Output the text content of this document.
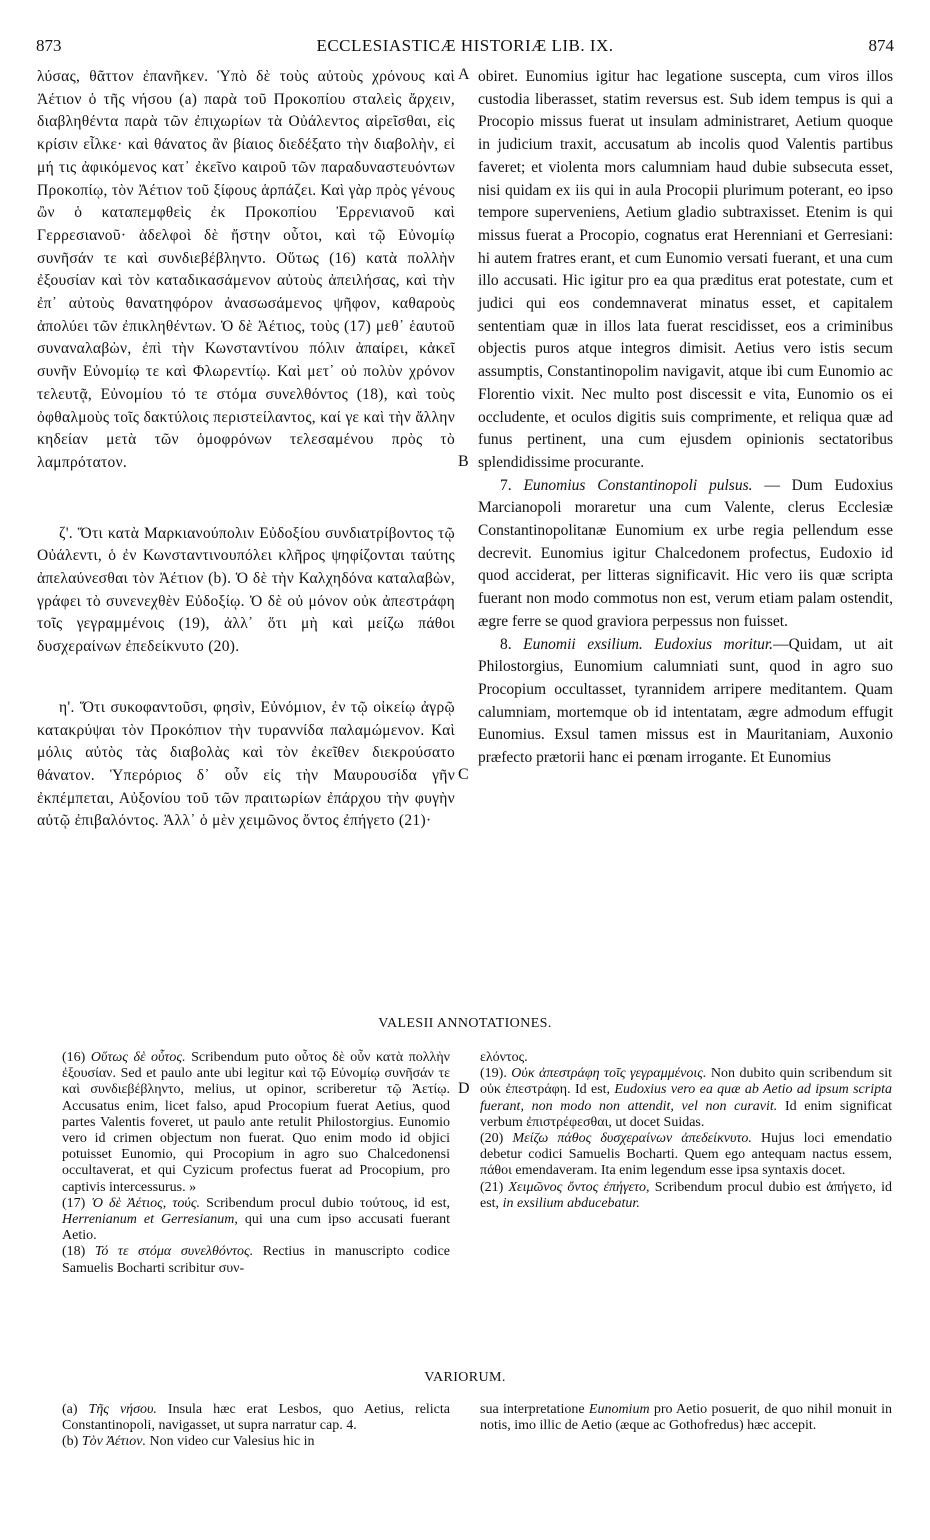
873	ECCLESIASTICÆ HISTORIÆ LIB. IX.	874

λύσας, θᾶττον ἐπανῆκεν. Ὑπὸ δὲ τοὺς αὐτοὺς χρόνους καὶ Ἀέτιον ὁ τῆς νήσου (a) παρὰ τοῦ Προκοπίου σταλεὶς ἄρχειν, διαβληθέντα παρὰ τῶν ἐπιχωρίων τὰ Οὐάλεντος αἱρεῖσθαι, εἰς κρίσιν εἷλκε· καὶ θάνατος ἂν βίαιος διεδέξατο τὴν διαβολὴν, εἰ μή τις ἀφικόμενος κατ᾽ ἐκεῖνο καιροῦ τῶν παραδυναστευόντων Προκοπίῳ, τὸν Ἀέτιον τοῦ ξίφους ἁρπάζει. Καὶ γὰρ πρὸς γένους ὢν ὁ καταπεμφθεὶς ἐκ Προκοπίου Ἐρρενιανοῦ καὶ Γερρεσιανοῦ· ἀδελφοὶ δὲ ἤστην οὗτοι, καὶ τῷ Εὐνομίῳ συνῆσάν τε καὶ συνδιεβέβληντο. Οὕτως (16) κατὰ πολλὴν ἐξουσίαν καὶ τὸν καταδικασάμενον αὐτοὺς ἀπειλήσας, καὶ τὴν ἐπ᾽ αὐτοὺς θανατηφόρον ἀνασωσάμενος ψῆφον, καθαροὺς ἀπολύει τῶν ἐπικληθέντων. Ὁ δὲ Ἀέτιος, τοὺς (17) μεθ᾽ ἑαυτοῦ συναναλαβὼν, ἐπὶ τὴν Κωνσταντίνου πόλιν ἀπαίρει, κἀκεῖ συνῆν Εὐνομίῳ τε καὶ Φλωρεντίῳ. Καὶ μετ᾽ οὐ πολὺν χρόνον τελευτᾷ, Εὐνομίου τό τε στόμα συνελθόντος (18), καὶ τοὺς ὀφθαλμοὺς τοῖς δακτύλοις περιστείλαντος, καί γε καὶ τὴν ἄλλην κηδείαν μετὰ τῶν ὁμοφρόνων τελεσαμένου πρὸς τὸ λαμπρότατον.

ζ'. Ὅτι κατὰ Μαρκιανούπολιν Εὐδοξίου συνδιατρίβοντος τῷ Οὐάλεντι, ὁ ἐν Κωνσταντινουπόλει κλῆρος ψηφίζονται ταύτης ἀπελαύνεσθαι τὸν Ἀέτιον (b). Ὁ δὲ τὴν Καλχηδόνα καταλαβὼν, γράφει τὸ συνενεχθὲν Εὐδοξίῳ. Ὁ δὲ οὐ μόνον οὐκ ἀπεστράφη τοῖς γεγραμμένοις (19), ἀλλ᾽ ὅτι μὴ καὶ μείζω πάθοι δυσχεραίνων ἐπεδείκνυτο (20).

η'. Ὅτι συκοφαντοῦσι, φησὶν, Εὐνόμιον, ἐν τῷ οἰκείῳ ἀγρῷ κατακρύψαι τὸν Προκόπιον τὴν τυραννίδα παλαμώμενον. Καὶ μόλις αὐτὸς τὰς διαβολὰς καὶ τὸν ἐκεῖθεν διεκρούσατο θάνατον. Ὑπερόριος δ᾽ οὖν εἰς τὴν Μαυρουσίδα γῆν ἐκπέμπεται, Αὐξονίου τοῦ τῶν πραιτωρίων ἐπάρχου τὴν φυγὴν αὐτῷ ἐπιβαλόντος. Ἀλλ᾽ ὁ μὲν χειμῶνος ὄντος ἐπήγετο (21)·

A
B
C
D

obiret. Eunomius igitur hac legatione suscepta, cum viros illos custodia liberasset, statim reversus est. Sub idem tempus is qui a Procopio missus fuerat ut insulam administraret, Aetium quoque in judicium traxit, accusatum ab incolis quod Valentis partibus faveret; et violenta mors calumniam haud dubie subsecuta esset, nisi quidam ex iis qui in aula Procopii plurimum poterant, eo ipso tempore superveniens, Aetium gladio subtraxisset. Etenim is qui missus fuerat a Procopio, cognatus erat Herenniani et Gerresiani: hi autem fratres erant, et cum Eunomio versati fuerant, et una cum illo accusati. Hic igitur pro ea qua præditus erat potestate, cum et judici qui eos condemnaverat minatus esset, et capitalem sententiam quæ in illos lata fuerat rescidisset, eos a criminibus objectis puros atque integros dimisit. Aetius vero istis secum assumptis, Constantinopolim navigavit, atque ibi cum Eunomio ac Florentio vixit. Nec multo post discessit e vita, Eunomio os ei occludente, et oculos digitis suis comprimente, et reliqua quæ ad funus pertinent, una cum ejusdem opinionis sectatoribus splendidissime procurante.

7. Eunomius Constantinopoli pulsus. — Dum Eudoxius Marcianopoli moraretur una cum Valente, clerus Ecclesiæ Constantinopolitanæ Eunomium ex urbe regia pellendum esse decrevit. Eunomius igitur Chalcedonem profectus, Eudoxio id quod acciderat, per litteras significavit. Hic vero iis quæ scripta fuerant non modo commotus non est, verum etiam palam ostendit, ægre ferre se quod graviora perpessus non fuisset.

8. Eunomii exsilium. Eudoxius moritur.—Quidam, ut ait Philostorgius, Eunomium calumniati sunt, quod in agro suo Procopium occultasset, tyrannidem arripere meditantem. Quam calumniam, mortemque ob id intentatam, ægre admodum effugit Eunomius. Exsul tamen missus est in Mauritaniam, Auxonio præfecto prætorii hanc ei pœnam irrogante. Et Eunomius

VALESII ANNOTATIONES.

(16) Οὕτως δὲ οὗτος. Scribendum puto οὗτος δὲ οὖν κατὰ πολλὴν ἐξουσίαν. Sed et paulo ante ubi legitur καὶ τῷ Εὐνομίῳ συνῆσάν τε καὶ συνδιεβέβληντο, melius, ut opinor, scriberetur τῷ Ἀετίῳ. Accusatus enim, licet falso, apud Procopium fuerat Aetius, quod partes Valentis foveret, ut paulo ante retulit Philostorgius. Eunomio vero id crimen objectum non fuerat. Quo enim modo id objici potuisset Eunomio, qui Procopium in agro suo Chalcedonensi occultaverat, et qui Cyzicum profectus fuerat ad Procopium, pro captivis intercessurus. »

(17) Ὁ δὲ Ἀέτιος, τούς. Scribendum procul dubio τούτους, id est, Herrenianum et Gerresianum, qui una cum ipso accusati fuerant Aetio.

(18) Τό τε στόμα συνελθόντος. Rectius in manuscripto codice Samuelis Bocharti scribitur συν-

ελόντος.

(19). Οὐκ ἀπεστράφη τοῖς γεγραμμένοις. Non dubito quin scribendum sit οὐκ ἐπεστράφη. Id est, Eudoxius vero ea quæ ab Aetio ad ipsum scripta fuerant, non modo non attendit, vel non curavit. Id enim significat verbum ἐπιστρέφεσθαι, ut docet Suidas.

(20) Μείζω πάθος δυσχεραίνων ἀπεδείκνυτο. Hujus loci emendatio debetur codici Samuelis Bocharti. Quem ego antequam nactus essem, πάθοι emendaveram. Ita enim legendum esse ipsa syntaxis docet.

(21) Χειμῶνος ὄντος ἐπήγετο, Scribendum procul dubio est ἀπήγετο, id est, in exsilium abducebatur.

VARIORUM.

(a) Τῆς νήσου. Insula hæc erat Lesbos, quo Aetius, relicta Constantinopoli, navigasset, ut supra narratur cap. 4.

(b) Τὸν Ἀέτιον. Non video cur Valesius hic in

sua interpretatione Eunomium pro Aetio posuerit, de quo nihil monuit in notis, imo illic de Aetio (æque ac Gothofredus) hæc accepit.
